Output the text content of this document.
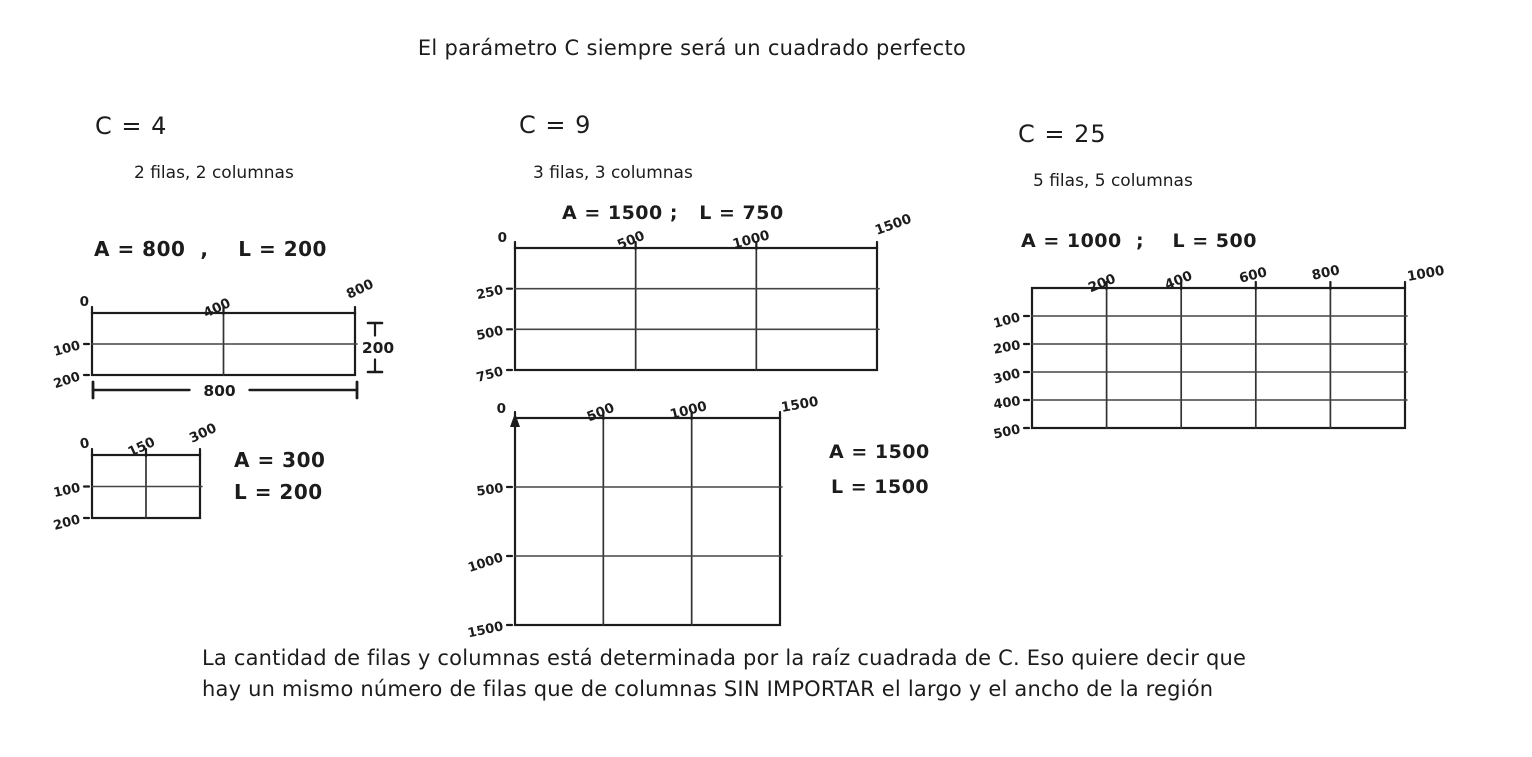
El parámetro C siempre será un cuadrado perfecto
C = 4
2 filas, 2 columnas
A = 800  ,    L = 200
A = 300
L = 200
C = 9
3 filas, 3 columnas
A = 1500 ;   L = 750
A = 1500
L = 1500
C = 25
5 filas, 5 columnas
A = 1000  ;    L = 500
0	400
800
100
200	800
200
0	150
300
100
200
0	500	1000
1500
250
500
750
0	500	1000	1500
500
1000
1500
200	400	600	800	1000
100
200
300
400
500
La cantidad de filas y columnas está determinada por la raíz cuadrada de C. Eso quiere decir que
hay un mismo número de filas que de columnas SIN IMPORTAR el largo y el ancho de la región
